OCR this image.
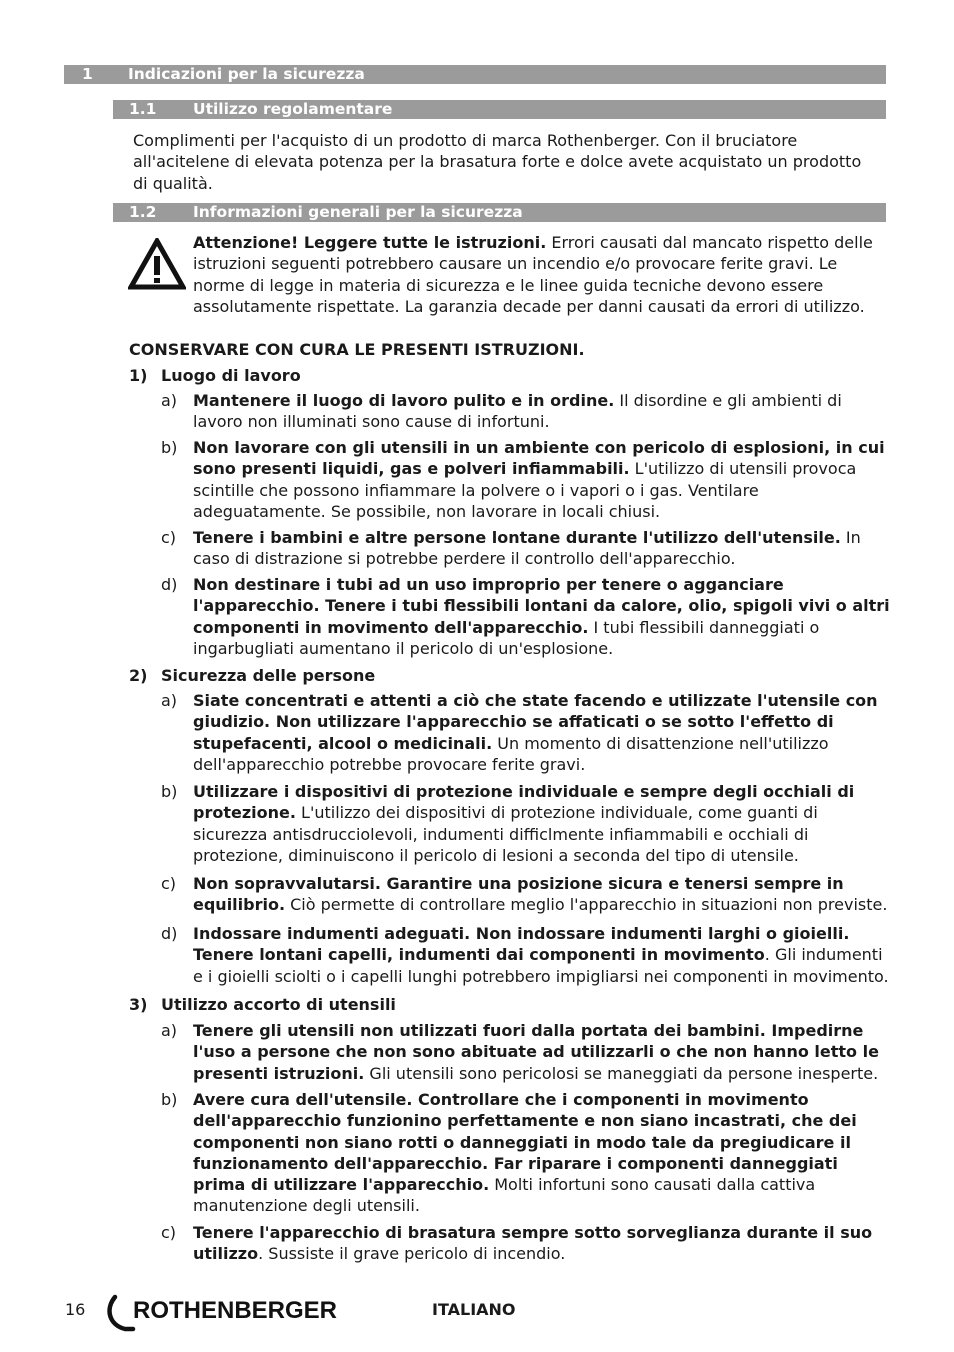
1 Indicazioni per la sicurezza
1.1 Utilizzo regolamentare
Complimenti per l'acquisto di un prodotto di marca Rothenberger. Con il bruciatore all'acitelene di elevata potenza per la brasatura forte e dolce avete acquistato un prodotto di qualità.
1.2 Informazioni generali per la sicurezza
Attenzione! Leggere tutte le istruzioni. Errori causati dal mancato rispetto delle istruzioni seguenti potrebbero causare un incendio e/o provocare ferite gravi. Le norme di legge in materia di sicurezza e le linee guida tecniche devono essere assolutamente rispettate. La garanzia decade per danni causati da errori di utilizzo.
CONSERVARE CON CURA LE PRESENTI ISTRUZIONI.
1) Luogo di lavoro
a) Mantenere il luogo di lavoro pulito e in ordine. Il disordine e gli ambienti di lavoro non illuminati sono cause di infortuni.
b) Non lavorare con gli utensili in un ambiente con pericolo di esplosioni, in cui sono presenti liquidi, gas e polveri infiammabili. L'utilizzo di utensili provoca scintille che possono infiammare la polvere o i vapori o i gas. Ventilare adeguatamente. Se possibile, non lavorare in locali chiusi.
c) Tenere i bambini e altre persone lontane durante l'utilizzo dell'utensile. In caso di distrazione si potrebbe perdere il controllo dell'apparecchio.
d) Non destinare i tubi ad un uso improprio per tenere o agganciare l'apparecchio. Tenere i tubi flessibili lontani da calore, olio, spigoli vivi o altri componenti in movimento dell'apparecchio. I tubi flessibili danneggiati o ingarbugliati aumentano il pericolo di un'esplosione.
2) Sicurezza delle persone
a) Siate concentrati e attenti a ciò che state facendo e utilizzate l'utensile con giudizio. Non utilizzare l'apparecchio se affaticati o se sotto l'effetto di stupefacenti, alcool o medicinali. Un momento di disattenzione nell'utilizzo dell'apparecchio potrebbe provocare ferite gravi.
b) Utilizzare i dispositivi di protezione individuale e sempre degli occhiali di protezione. L'utilizzo dei dispositivi di protezione individuale, come guanti di sicurezza antisdrucciolevoli, indumenti difficlmente infiammabili e occhiali di protezione, diminuiscono il pericolo di lesioni a seconda del tipo di utensile.
c) Non sopravvalutarsi. Garantire una posizione sicura e tenersi sempre in equilibrio. Ciò permette di controllare meglio l'apparecchio in situazioni non previste.
d) Indossare indumenti adeguati. Non indossare indumenti larghi o gioielli. Tenere lontani capelli, indumenti dai componenti in movimento. Gli indumenti e i gioielli sciolti o i capelli lunghi potrebbero impigliarsi nei componenti in movimento.
3) Utilizzo accorto di utensili
a) Tenere gli utensili non utilizzati fuori dalla portata dei bambini. Impedirne l'uso a persone che non sono abituate ad utilizzarli o che non hanno letto le presenti istruzioni. Gli utensili sono pericolosi se maneggiati da persone inesperte.
b) Avere cura dell'utensile. Controllare che i componenti in movimento dell'apparecchio funzionino perfettamente e non siano incastrati, che dei componenti non siano rotti o danneggiati in modo tale da pregiudicare il funzionamento dell'apparecchio. Far riparare i componenti danneggiati prima di utilizzare l'apparecchio. Molti infortuni sono causati dalla cattiva manutenzione degli utensili.
c) Tenere l'apparecchio di brasatura sempre sotto sorveglianza durante il suo utilizzo. Sussiste il grave pericolo di incendio.
16 ROTHENBERGER	ITALIANO
